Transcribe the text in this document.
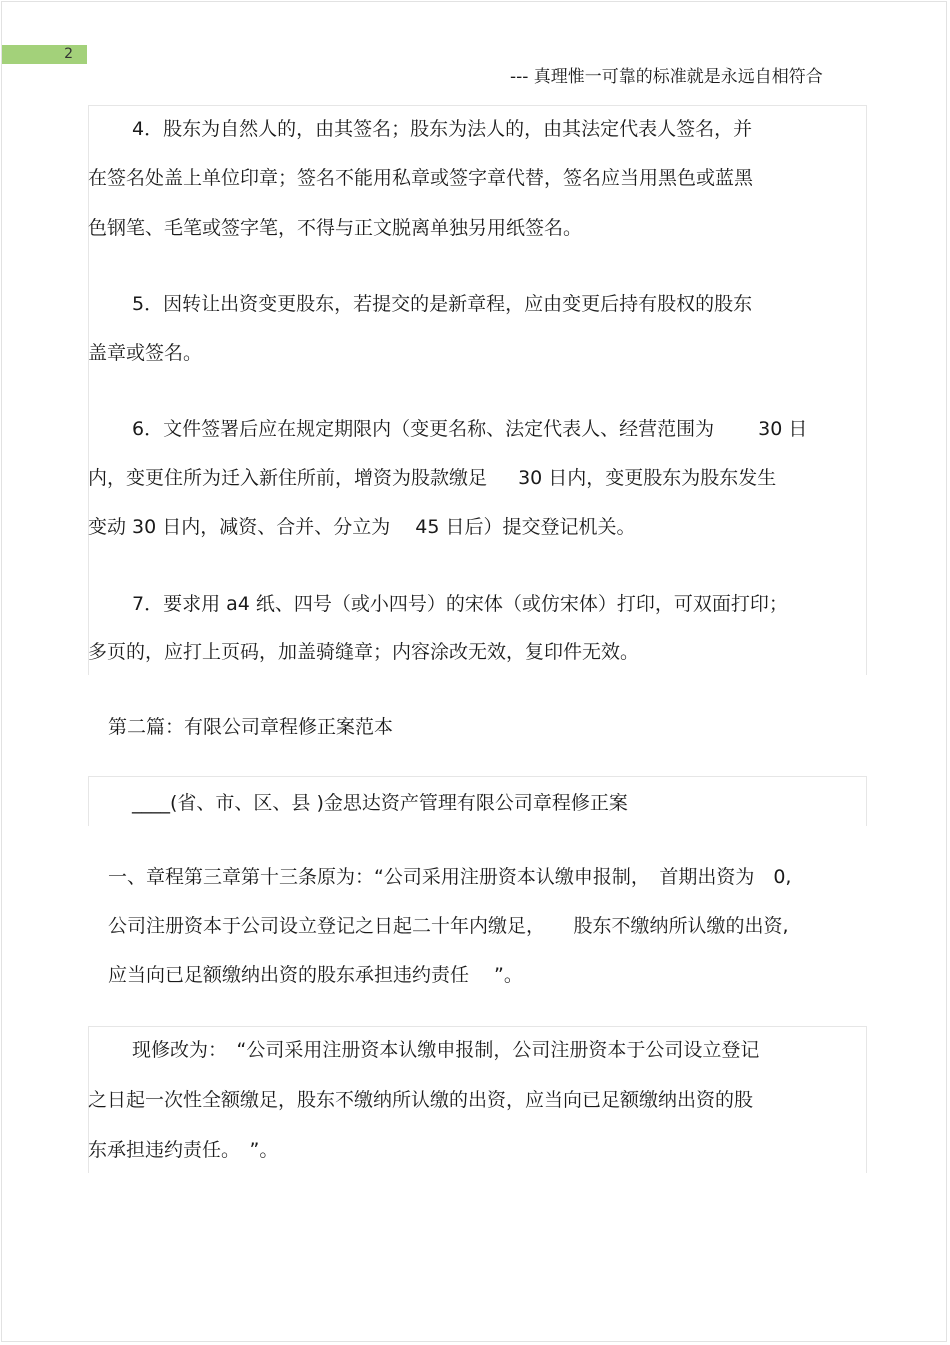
2
--- 真理惟一可靠的标准就是永远自相符合
4．股东为自然人的，由其签名；股东为法人的，由其法定代表人签名，并
在签名处盖上单位印章；签名不能用私章或签字章代替，签名应当用黑色或蓝黑
色钢笔、毛笔或签字笔，不得与正文脱离单独另用纸签名。
5．因转让出资变更股东，若提交的是新章程，应由变更后持有股权的股东
盖章或签名。
6．文件签署后应在规定期限内（变更名称、法定代表人、经营范围为 　　30 日
内，变更住所为迁入新住所前，增资为股款缴足 　 30 日内，变更股东为股东发生
变动 30 日内，减资、合并、分立为 　45 日后）提交登记机关。
7．要求用 a4 纸、四号（或小四号）的宋体（或仿宋体）打印，可双面打印；
多页的，应打上页码，加盖骑缝章；内容涂改无效，复印件无效。
第二篇：有限公司章程修正案范本
____(省、市、区、县 )金思达资产管理有限公司章程修正案
一、章程第三章第十三条原为：“公司采用注册资本认缴申报制，　首期出资为　0,
公司注册资本于公司设立登记之日起二十年内缴足，　　股东不缴纳所认缴的出资,
应当向已足额缴纳出资的股东承担违约责任　 ”。
现修改为：　“公司采用注册资本认缴申报制，公司注册资本于公司设立登记
之日起一次性全额缴足，股东不缴纳所认缴的出资，应当向已足额缴纳出资的股
东承担违约责任。　”。
